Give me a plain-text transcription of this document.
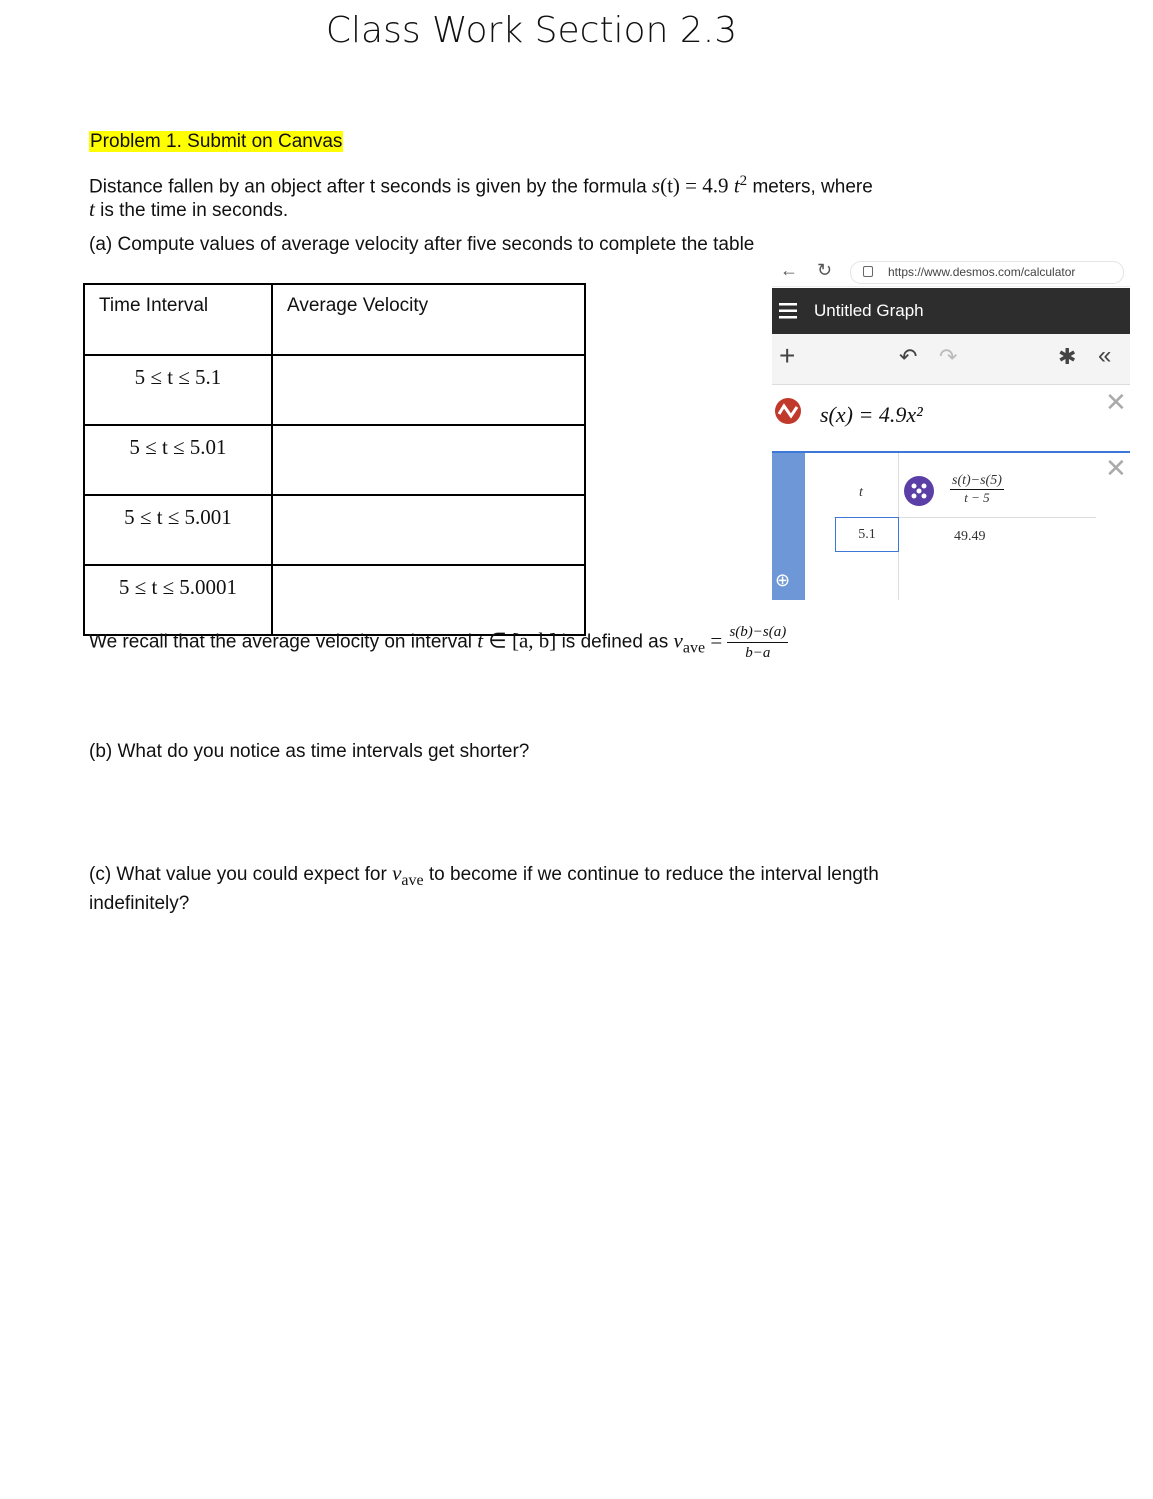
Class Work Section 2.3
Problem 1. Submit on Canvas
Distance fallen by an object after t seconds is given by the formula s(t) = 4.9 $t^2$ meters, where
t is the time in seconds.
(a) Compute values of average velocity after five seconds to complete the table
Time Interval	Average Velocity
5 ≤ t ≤ 5.1	
5 ≤ t ≤ 5.01	
5 ≤ t ≤ 5.001	
5 ≤ t ≤ 5.0001	
← ↻	https://www.desmos.com/calculator
Untitled Graph
+	↶ ↷	✱ «
s(x) = 4.9x²	✕
✕
t	$\frac{s(t)-s(5)}{t - 5}$
5.1	49.49
⊕
We recall that the average velocity on interval t ∈ [a, b] is defined as $v_{ave} = \frac{s(b)-s(a)}{b-a}$
(b) What do you notice as time intervals get shorter?
(c) What value you could expect for $v_{ave}$ to become if we continue to reduce the interval length
indefinitely?
